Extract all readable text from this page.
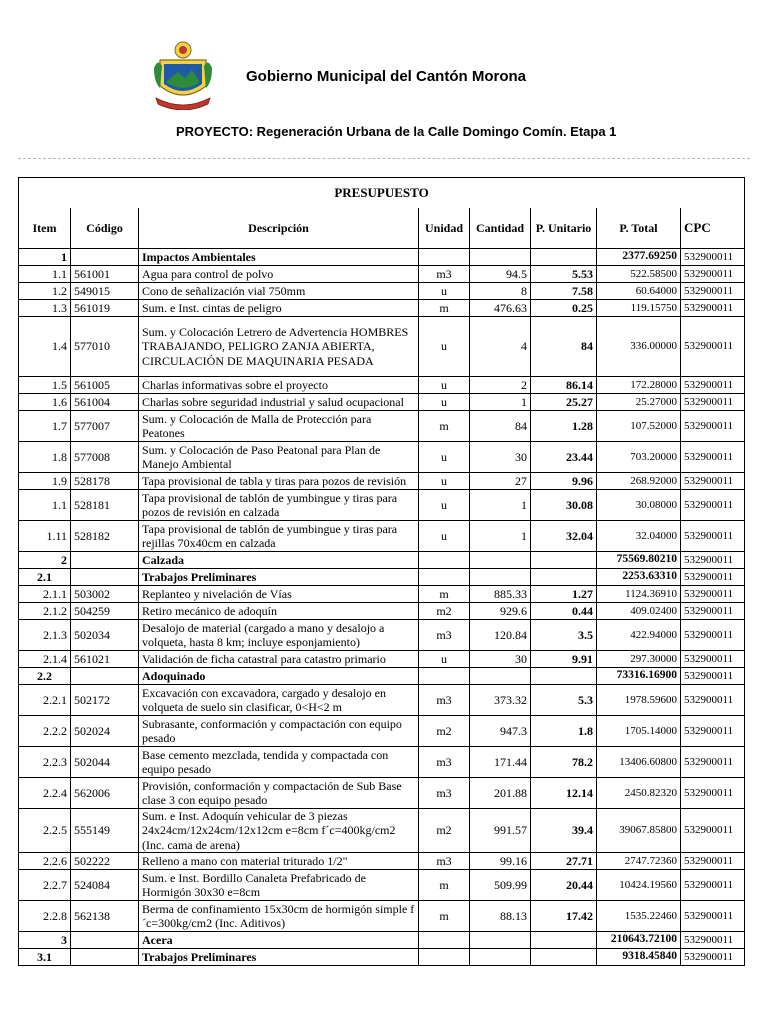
Gobierno Municipal del Cantón Morona
PROYECTO: Regeneración Urbana de la Calle Domingo Comín. Etapa 1
PRESUPUESTO							
Item	Código	Descripción	Unidad	Cantidad	P. Unitario	P. Total	CPC
1		Impactos Ambientales				2377.69250	532900011
1.1	561001	Agua para control de polvo	m3	94.5	5.53	522.58500	532900011
1.2	549015	Cono de señalización vial 750mm	u	8	7.58	60.64000	532900011
1.3	561019	Sum. e Inst. cintas de peligro	m	476.63	0.25	119.15750	532900011
1.4	577010	Sum. y Colocación Letrero de Advertencia HOMBRES TRABAJANDO, PELIGRO ZANJA ABIERTA, CIRCULACIÓN DE MAQUINARIA PESADA	u	4	84	336.00000	532900011
1.5	561005	Charlas informativas sobre el proyecto	u	2	86.14	172.28000	532900011
1.6	561004	Charlas sobre seguridad industrial y salud ocupacional	u	1	25.27	25.27000	532900011
1.7	577007	Sum. y Colocación de Malla de Protección para Peatones	m	84	1.28	107.52000	532900011
1.8	577008	Sum. y Colocación de Paso Peatonal para Plan de Manejo Ambiental	u	30	23.44	703.20000	532900011
1.9	528178	Tapa provisional de tabla y tiras para pozos de revisión	u	27	9.96	268.92000	532900011
1.1	528181	Tapa provisional de tablón de yumbingue y tiras para pozos de revisión en calzada	u	1	30.08	30.08000	532900011
1.11	528182	Tapa provisional de tablón de yumbingue y tiras para rejillas 70x40cm en calzada	u	1	32.04	32.04000	532900011
2		Calzada				75569.80210	532900011
2.1		Trabajos Preliminares				2253.63310	532900011
2.1.1	503002	Replanteo y nivelación de Vías	m	885.33	1.27	1124.36910	532900011
2.1.2	504259	Retiro mecánico de adoquín	m2	929.6	0.44	409.02400	532900011
2.1.3	502034	Desalojo de material (cargado a mano y desalojo a volqueta, hasta 8 km; incluye esponjamiento)	m3	120.84	3.5	422.94000	532900011
2.1.4	561021	Validación de ficha catastral para catastro primario	u	30	9.91	297.30000	532900011
2.2		Adoquinado				73316.16900	532900011
2.2.1	502172	Excavación con excavadora, cargado y desalojo en volqueta de suelo sin clasificar, 0<H<2 m	m3	373.32	5.3	1978.59600	532900011
2.2.2	502024	Subrasante, conformación y compactación con equipo pesado	m2	947.3	1.8	1705.14000	532900011
2.2.3	502044	Base cemento mezclada, tendida y compactada con equipo pesado	m3	171.44	78.2	13406.60800	532900011
2.2.4	562006	Provisión, conformación y compactación de Sub Base clase 3 con equipo pesado	m3	201.88	12.14	2450.82320	532900011
2.2.5	555149	Sum. e Inst. Adoquín vehicular de 3 piezas 24x24cm/12x24cm/12x12cm e=8cm f´c=400kg/cm2 (Inc. cama de arena)	m2	991.57	39.4	39067.85800	532900011
2.2.6	502222	Relleno a mano con material triturado 1/2"	m3	99.16	27.71	2747.72360	532900011
2.2.7	524084	Sum. e Inst. Bordillo Canaleta Prefabricado de Hormigón 30x30 e=8cm	m	509.99	20.44	10424.19560	532900011
2.2.8	562138	Berma de confinamiento 15x30cm de hormigón simple f´c=300kg/cm2 (Inc. Aditivos)	m	88.13	17.42	1535.22460	532900011
3		Acera				210643.72100	532900011
3.1		Trabajos Preliminares				9318.45840	532900011
